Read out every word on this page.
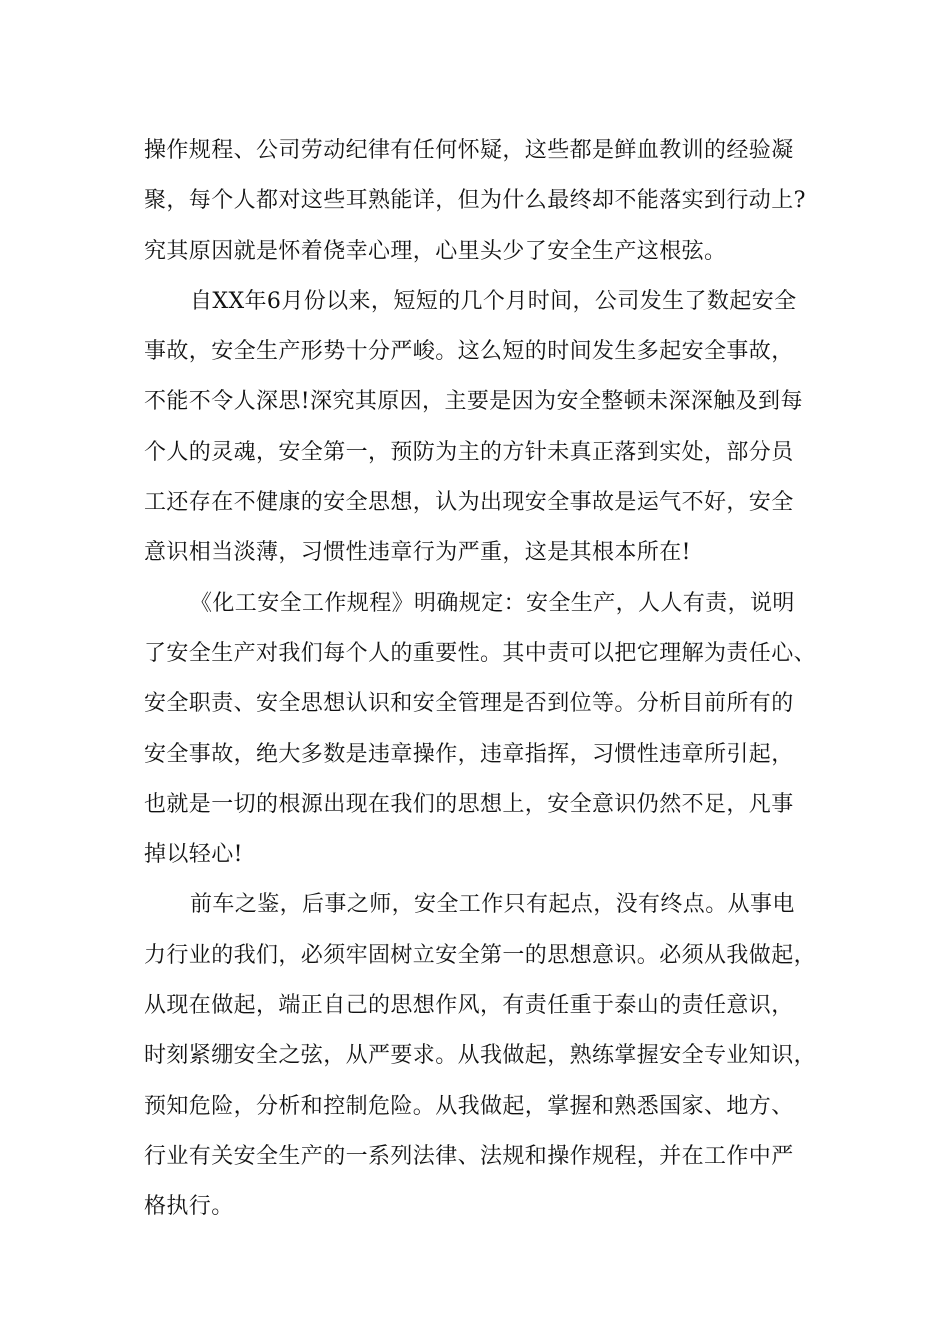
操作规程、公司劳动纪律有任何怀疑，这些都是鲜血教训的经验凝
聚，每个人都对这些耳熟能详，但为什么最终却不能落实到行动上?
究其原因就是怀着侥幸心理，心里头少了安全生产这根弦。
自XX年6月份以来，短短的几个月时间，公司发生了数起安全
事故，安全生产形势十分严峻。这么短的时间发生多起安全事故，
不能不令人深思!深究其原因，主要是因为安全整顿未深深触及到每
个人的灵魂，安全第一，预防为主的方针未真正落到实处，部分员
工还存在不健康的安全思想，认为出现安全事故是运气不好，安全
意识相当淡薄，习惯性违章行为严重，这是其根本所在!
《化工安全工作规程》明确规定：安全生产，人人有责，说明
了安全生产对我们每个人的重要性。其中责可以把它理解为责任心、
安全职责、安全思想认识和安全管理是否到位等。分析目前所有的
安全事故，绝大多数是违章操作，违章指挥，习惯性违章所引起，
也就是一切的根源出现在我们的思想上，安全意识仍然不足，凡事
掉以轻心!
前车之鉴，后事之师，安全工作只有起点，没有终点。从事电
力行业的我们，必须牢固树立安全第一的思想意识。必须从我做起，
从现在做起，端正自己的思想作风，有责任重于泰山的责任意识，
时刻紧绷安全之弦，从严要求。从我做起，熟练掌握安全专业知识，
预知危险，分析和控制危险。从我做起，掌握和熟悉国家、地方、
行业有关安全生产的一系列法律、法规和操作规程，并在工作中严
格执行。
